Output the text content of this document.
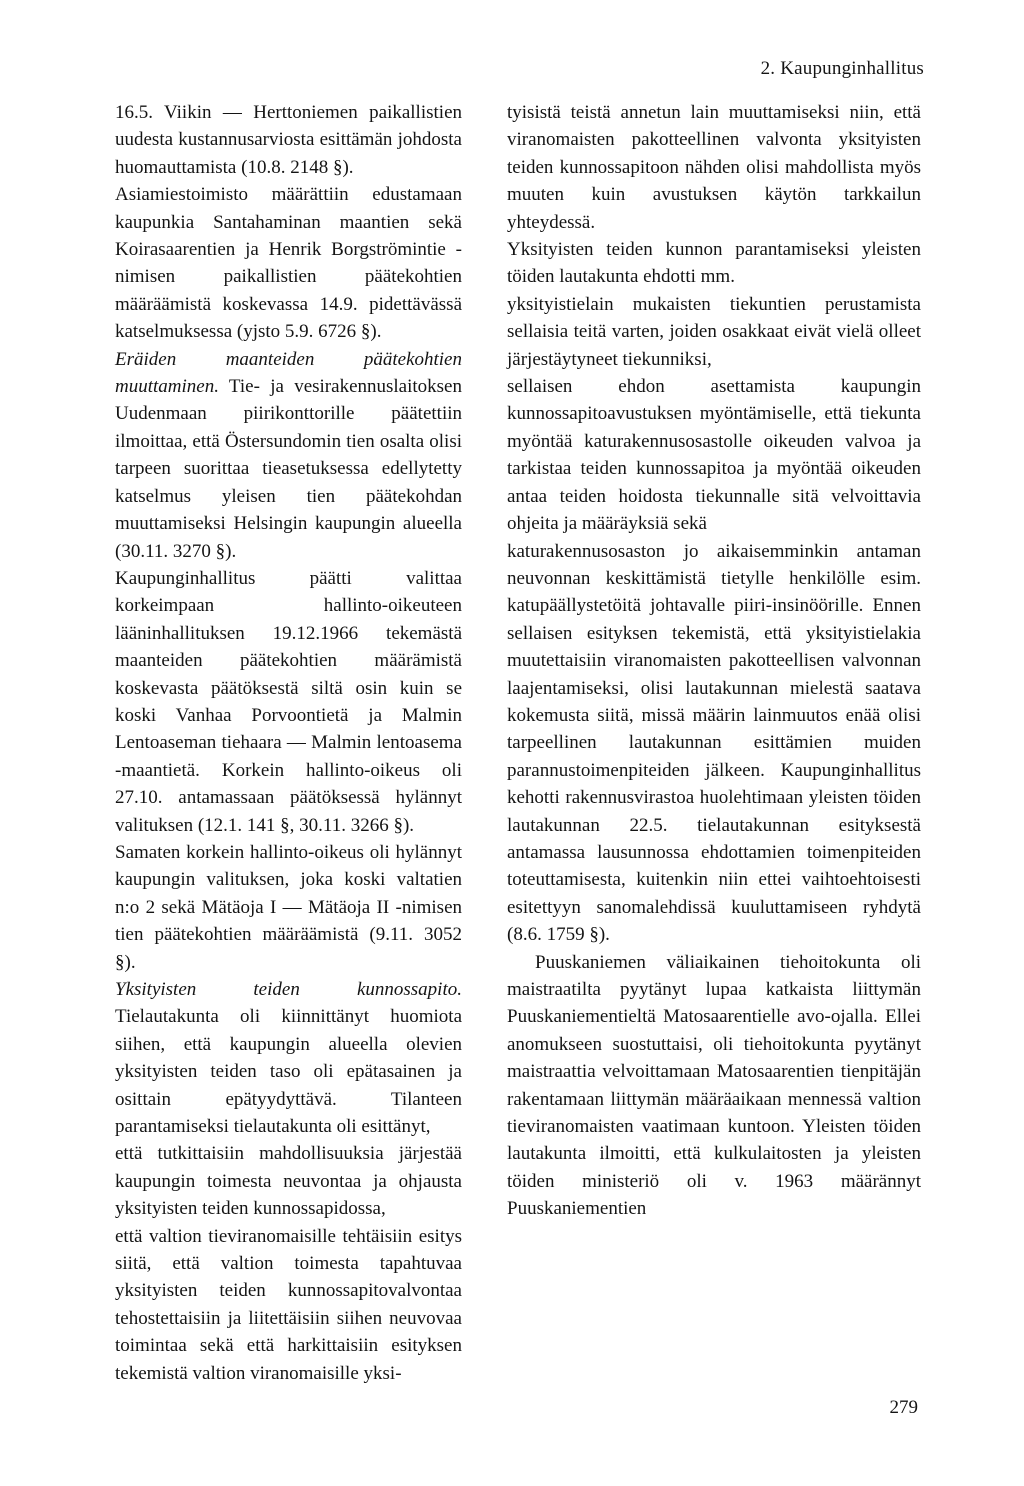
2. Kaupunginhallitus

16.5. Viikin — Herttoniemen paikallistien uudesta kustannusarviosta esittämän johdosta huomauttamista (10.8. 2148 §).

Asiamiestoimisto määrättiin edustamaan kaupunkia Santahaminan maantien sekä Koirasaarentien ja Henrik Borgströmintie -nimisen paikallistien päätekohtien määräämistä koskevassa 14.9. pidettävässä katselmuksessa (yjsto 5.9. 6726 §).

Eräiden maanteiden päätekohtien muuttaminen. Tie- ja vesirakennuslaitoksen Uudenmaan piirikonttorille päätettiin ilmoittaa, että Östersundomin tien osalta olisi tarpeen suorittaa tieasetuksessa edellytetty katselmus yleisen tien päätekohdan muuttamiseksi Helsingin kaupungin alueella (30.11. 3270 §).

Kaupunginhallitus päätti valittaa korkeimpaan hallinto-oikeuteen lääninhallituksen 19.12.1966 tekemästä maanteiden päätekohtien määrämistä koskevasta päätöksestä siltä osin kuin se koski Vanhaa Porvoontietä ja Malmin Lentoaseman tiehaara — Malmin lentoasema -maantietä. Korkein hallinto-oikeus oli 27.10. antamassaan päätöksessä hylännyt valituksen (12.1. 141 §, 30.11. 3266 §).

Samaten korkein hallinto-oikeus oli hylännyt kaupungin valituksen, joka koski valtatien n:o 2 sekä Mätäoja I — Mätäoja II -nimisen tien päätekohtien määräämistä (9.11. 3052 §).

Yksityisten teiden kunnossapito. Tielautakunta oli kiinnittänyt huomiota siihen, että kaupungin alueella olevien yksityisten teiden taso oli epätasainen ja osittain epätyydyttävä. Tilanteen parantamiseksi tielautakunta oli esittänyt,

että tutkittaisiin mahdollisuuksia järjestää kaupungin toimesta neuvontaa ja ohjausta yksityisten teiden kunnossapidossa,

että valtion tieviranomaisille tehtäisiin esitys siitä, että valtion toimesta tapahtuvaa yksityisten teiden kunnossapitovalvontaa tehostettaisiin ja liitettäisiin siihen neuvovaa toimintaa sekä että harkittaisiin esityksen tekemistä valtion viranomaisille yksi-

tyisistä teistä annetun lain muuttamiseksi niin, että viranomaisten pakotteellinen valvonta yksityisten teiden kunnossapitoon nähden olisi mahdollista myös muuten kuin avustuksen käytön tarkkailun yhteydessä.

Yksityisten teiden kunnon parantamiseksi yleisten töiden lautakunta ehdotti mm.

yksityistielain mukaisten tiekuntien perustamista sellaisia teitä varten, joiden osakkaat eivät vielä olleet järjestäytyneet tiekunniksi,

sellaisen ehdon asettamista kaupungin kunnossapitoavustuksen myöntämiselle, että tiekunta myöntää katurakennusosastolle oikeuden valvoa ja tarkistaa teiden kunnossapitoa ja myöntää oikeuden antaa teiden hoidosta tiekunnalle sitä velvoittavia ohjeita ja määräyksiä sekä

katurakennusosaston jo aikaisemminkin antaman neuvonnan keskittämistä tietylle henkilölle esim. katupäällystetöitä johtavalle piiri-insinöörille. Ennen sellaisen esityksen tekemistä, että yksityistielakia muutettaisiin viranomaisten pakotteellisen valvonnan laajentamiseksi, olisi lautakunnan mielestä saatava kokemusta siitä, missä määrin lainmuutos enää olisi tarpeellinen lautakunnan esittämien muiden parannustoimenpiteiden jälkeen. Kaupunginhallitus kehotti rakennusvirastoa huolehtimaan yleisten töiden lautakunnan 22.5. tielautakunnan esityksestä antamassa lausunnossa ehdottamien toimenpiteiden toteuttamisesta, kuitenkin niin ettei vaihtoehtoisesti esitettyyn sanomalehdissä kuuluttamiseen ryhdytä (8.6. 1759 §).

Puuskaniemen väliaikainen tiehoitokunta oli maistraatilta pyytänyt lupaa katkaista liittymän Puuskaniementieltä Matosaarentielle avo-ojalla. Ellei anomukseen suostuttaisi, oli tiehoitokunta pyytänyt maistraattia velvoittamaan Matosaarentien tienpitäjän rakentamaan liittymän määräaikaan mennessä valtion tieviranomaisten vaatimaan kuntoon. Yleisten töiden lautakunta ilmoitti, että kulkulaitosten ja yleisten töiden ministeriö oli v. 1963 määrännyt Puuskaniementien

279
